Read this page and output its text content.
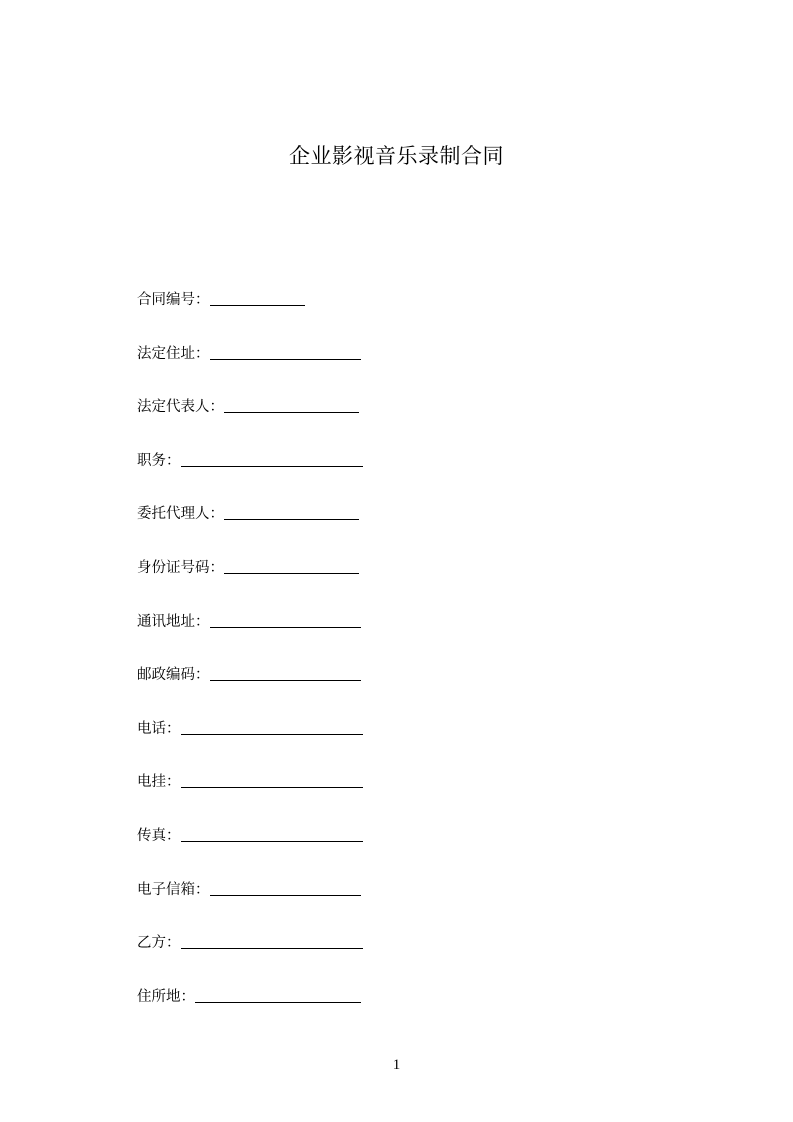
企业影视音乐录制合同
合同编号：
法定住址：
法定代表人：
职务：
委托代理人：
身份证号码：
通讯地址：
邮政编码：
电话：
电挂：
传真：
电子信箱：
乙方：
住所地：
1
